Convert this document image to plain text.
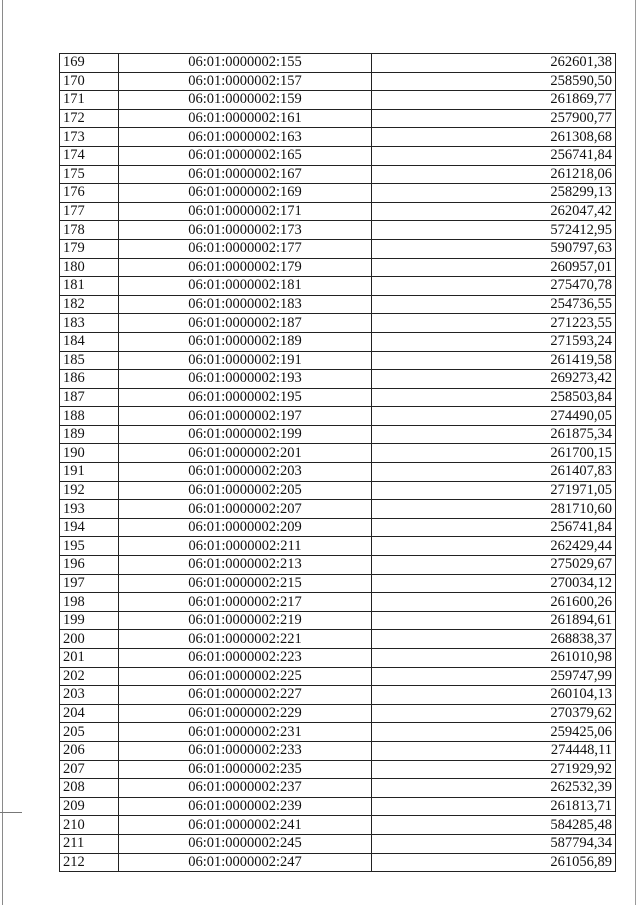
169	06:01:0000002:155	262601,38
170	06:01:0000002:157	258590,50
171	06:01:0000002:159	261869,77
172	06:01:0000002:161	257900,77
173	06:01:0000002:163	261308,68
174	06:01:0000002:165	256741,84
175	06:01:0000002:167	261218,06
176	06:01:0000002:169	258299,13
177	06:01:0000002:171	262047,42
178	06:01:0000002:173	572412,95
179	06:01:0000002:177	590797,63
180	06:01:0000002:179	260957,01
181	06:01:0000002:181	275470,78
182	06:01:0000002:183	254736,55
183	06:01:0000002:187	271223,55
184	06:01:0000002:189	271593,24
185	06:01:0000002:191	261419,58
186	06:01:0000002:193	269273,42
187	06:01:0000002:195	258503,84
188	06:01:0000002:197	274490,05
189	06:01:0000002:199	261875,34
190	06:01:0000002:201	261700,15
191	06:01:0000002:203	261407,83
192	06:01:0000002:205	271971,05
193	06:01:0000002:207	281710,60
194	06:01:0000002:209	256741,84
195	06:01:0000002:211	262429,44
196	06:01:0000002:213	275029,67
197	06:01:0000002:215	270034,12
198	06:01:0000002:217	261600,26
199	06:01:0000002:219	261894,61
200	06:01:0000002:221	268838,37
201	06:01:0000002:223	261010,98
202	06:01:0000002:225	259747,99
203	06:01:0000002:227	260104,13
204	06:01:0000002:229	270379,62
205	06:01:0000002:231	259425,06
206	06:01:0000002:233	274448,11
207	06:01:0000002:235	271929,92
208	06:01:0000002:237	262532,39
209	06:01:0000002:239	261813,71
210	06:01:0000002:241	584285,48
211	06:01:0000002:245	587794,34
212	06:01:0000002:247	261056,89
